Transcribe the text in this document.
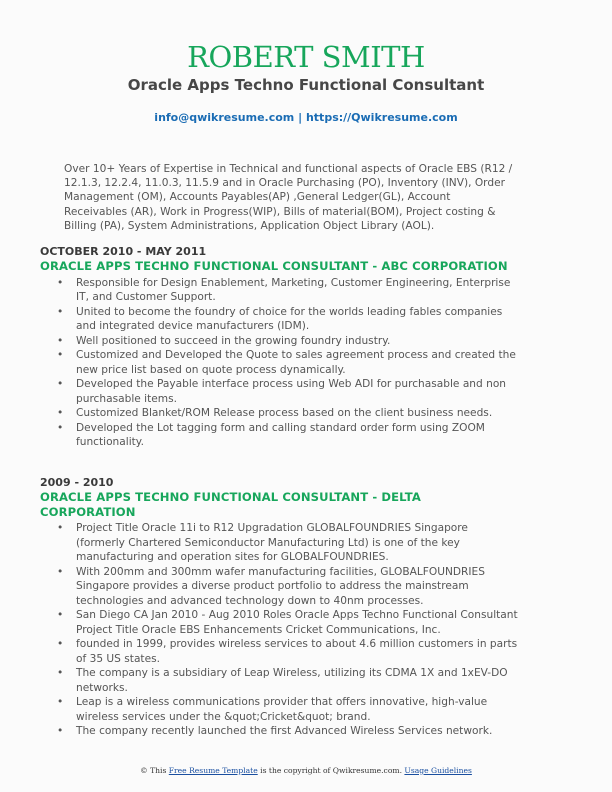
ROBERT SMITH
Oracle Apps Techno Functional Consultant
info@qwikresume.com | https://Qwikresume.com
Over 10+ Years of Expertise in Technical and functional aspects of Oracle EBS (R12 / 12.1.3, 12.2.4, 11.0.3, 11.5.9 and in Oracle Purchasing (PO), Inventory (INV), Order Management (OM), Accounts Payables(AP) ,General Ledger(GL), Account Receivables (AR), Work in Progress(WIP), Bills of material(BOM), Project costing & Billing (PA), System Administrations, Application Object Library (AOL).
OCTOBER 2010 - MAY 2011
ORACLE APPS TECHNO FUNCTIONAL CONSULTANT - ABC CORPORATION
• Responsible for Design Enablement, Marketing, Customer Engineering, Enterprise IT, and Customer Support.
• United to become the foundry of choice for the worlds leading fables companies and integrated device manufacturers (IDM).
• Well positioned to succeed in the growing foundry industry.
• Customized and Developed the Quote to sales agreement process and created the new price list based on quote process dynamically.
• Developed the Payable interface process using Web ADI for purchasable and non purchasable items.
• Customized Blanket/ROM Release process based on the client business needs.
• Developed the Lot tagging form and calling standard order form using ZOOM functionality.
2009 - 2010
ORACLE APPS TECHNO FUNCTIONAL CONSULTANT - DELTA CORPORATION
• Project Title Oracle 11i to R12 Upgradation GLOBALFOUNDRIES Singapore (formerly Chartered Semiconductor Manufacturing Ltd) is one of the key manufacturing and operation sites for GLOBALFOUNDRIES.
• With 200mm and 300mm wafer manufacturing facilities, GLOBALFOUNDRIES Singapore provides a diverse product portfolio to address the mainstream technologies and advanced technology down to 40nm processes.
• San Diego CA Jan 2010 - Aug 2010 Roles Oracle Apps Techno Functional Consultant Project Title Oracle EBS Enhancements Cricket Communications, Inc.
• founded in 1999, provides wireless services to about 4.6 million customers in parts of 35 US states.
• The company is a subsidiary of Leap Wireless, utilizing its CDMA 1X and 1xEV-DO networks.
• Leap is a wireless communications provider that offers innovative, high-value wireless services under the &quot;Cricket&quot; brand.
• The company recently launched the first Advanced Wireless Services network.
© This Free Resume Template is the copyright of Qwikresume.com. Usage Guidelines
